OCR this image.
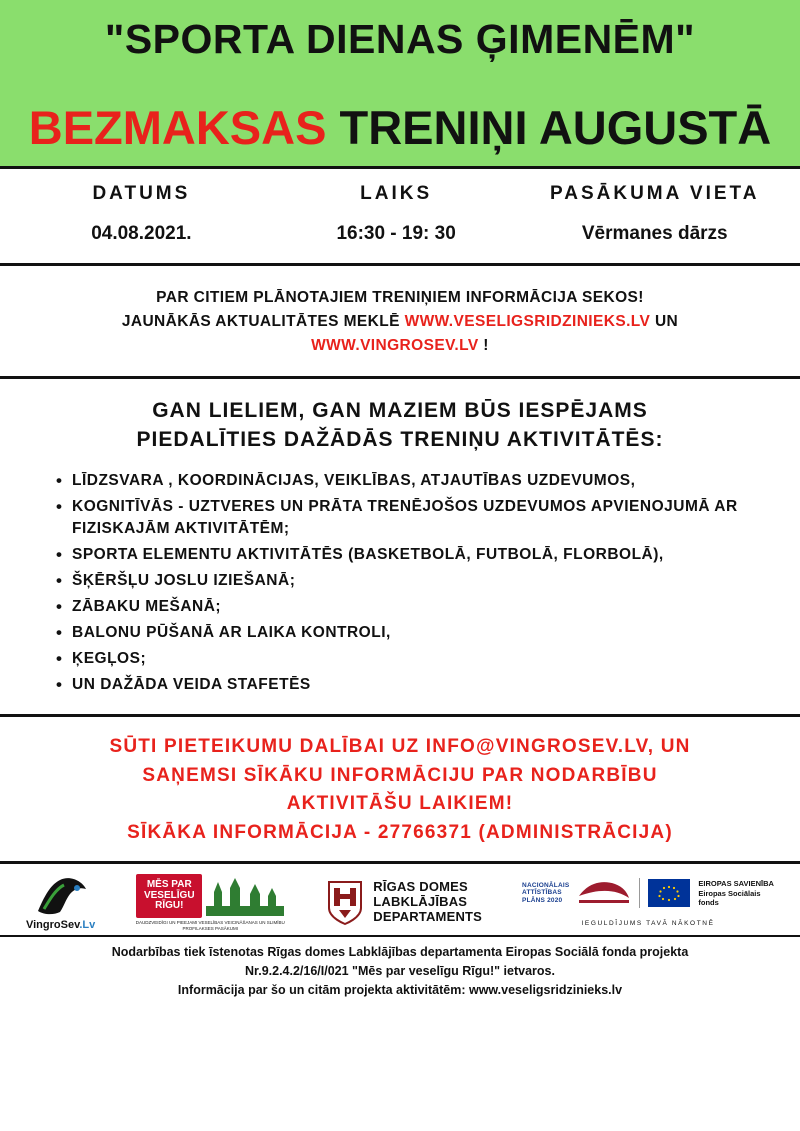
"SPORTA DIENAS ĢIMENĒM"
BEZMAKSAS TRENIŅI AUGUSTĀ
DATUMS	LAIKS	PASĀKUMA VIETA
04.08.2021.	16:30 - 19: 30	Vērmanes dārzs
PAR CITIEM PLĀNOTAJIEM TRENIŅIEM INFORMĀCIJA SEKOS!
JAUNĀKĀS AKTUALITĀTES MEKLĒ WWW.VESELIGSRIDZINIEKS.LV UN
WWW.VINGROSEV.LV !
GAN LIELIEM, GAN MAZIEM BŪS IESPĒJAMS
PIEDALĪTIES DAŽĀDĀS TRENIŅU AKTIVITĀTĒS:
• LĪDZSVARA , KOORDINĀCIJAS, VEIKLĪBAS, ATJAUTĪBAS UZDEVUMOS,
• KOGNITĪVĀS - UZTVERES UN PRĀTA TRENĒJOŠOS UZDEVUMOS APVIENOJUMĀ AR FIZISKAJĀM AKTIVITĀTĒM;
• SPORTA ELEMENTU AKTIVITĀTĒS (BASKETBOLĀ, FUTBOLĀ, FLORBOLĀ),
• ŠĶĒRŠĻU JOSLU IZIEŠANĀ;
• ZĀBAKU MEŠANĀ;
• BALONU PŪŠANĀ AR LAIKA KONTROLI,
• ĶEGĻOS;
• UN DAŽĀDA VEIDA STAFETĒS
SŪTI PIETEIKUMU DALĪBAI UZ INFO@VINGROSEV.LV, UN
SAŅEMSI SĪKĀKU INFORMĀCIJU PAR NODARBĪBU
AKTIVITĀŠU LAIKIEM!
SĪKĀKA INFORMĀCIJA - 27766371 (ADMINISTRĀCIJA)
VingroSev.Lv
MĒS PAR VESELĪGU RĪGU!
DAUDZVEIDĪGI UN PIEEJAMI VESELĪBAS VEICINĀŠANAS UN SLIMĪBU PROFILAKSES PASĀKUMI
RĪGAS DOMES
LABKLĀJĪBAS
DEPARTAMENTS
NACIONĀLAIS
ATTĪSTĪBAS
PLĀNS 2020
EIROPAS SAVIENĪBA
Eiropas Sociālais
fonds
IEGULDĪJUMS TAVĀ NĀKOTNĒ
Nodarbības tiek īstenotas Rīgas domes Labklājības departamenta Eiropas Sociālā fonda projekta
Nr.9.2.4.2/16/I/021 "Mēs par veselīgu Rīgu!" ietvaros.
Informācija par šo un citām projekta aktivitātēm: www.veseligsridzinieks.lv
